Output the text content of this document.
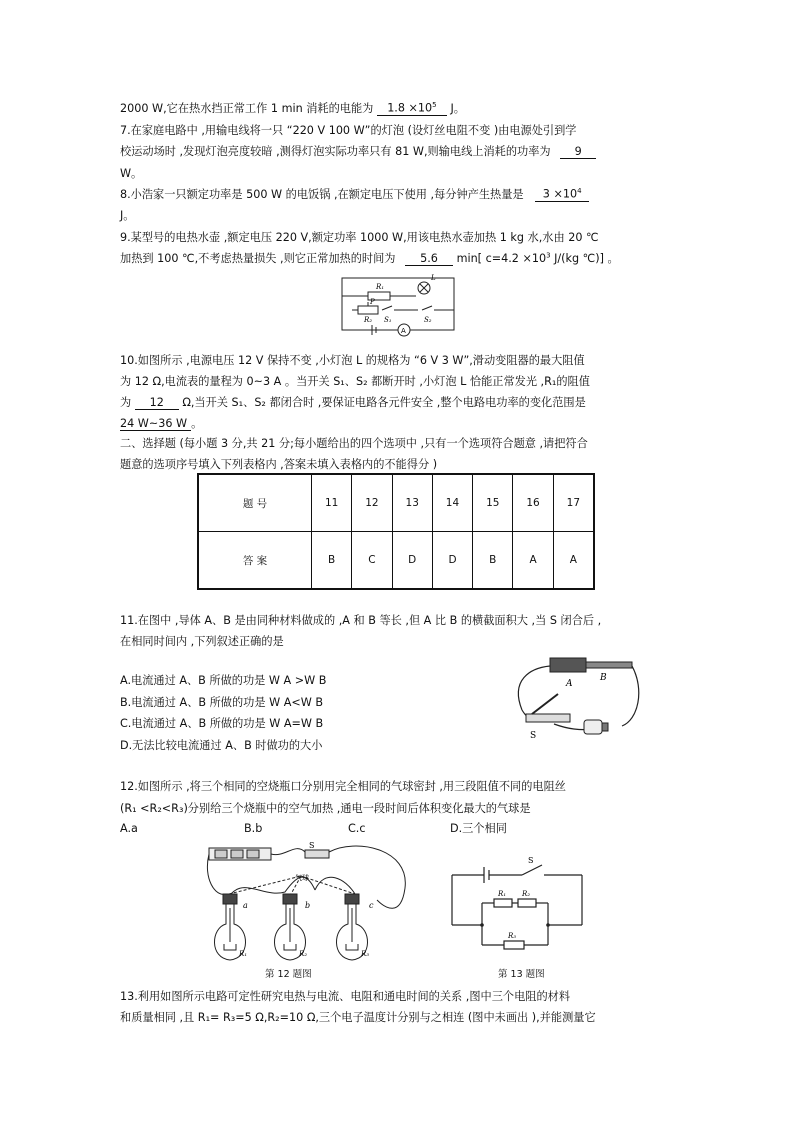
2000 W,它在热水挡正常工作 1 min 消耗的电能为 $1.8 \times 10^5$ J。
7.在家庭电路中 ,用输电线将一只 “220 V 100 W”的灯泡 (设灯丝电阻不变 )由电源处引到学
校运动场时 ,发现灯泡亮度较暗 ,测得灯泡实际功率只有 81 W,则输电线上消耗的功率为 9
W。
8.小浩家一只额定功率是 500 W 的电饭锅 ,在额定电压下使用 ,每分钟产生热量是 $3 \times 10^4$
J。
9.某型号的电热水壶 ,额定电压 220 V,额定功率 1000 W,用该电热水壶加热 1 kg 水,水由 20 ℃
加热到 100 ℃,不考虑热量损失 ,则它正常加热的时间为 5.6 min[ $c=4.2 \times 10^3$ J/(kg ℃)] 。
R₁
L
P
R₂ S₁	S₂
A
10.如图所示 ,电源电压 12 V 保持不变 ,小灯泡 L 的规格为 “6 V 3 W”,滑动变阻器的最大阻值
为 12 Ω,电流表的量程为 0~3 A 。当开关 S₁、S₂ 都断开时 ,小灯泡 L 恰能正常发光 ,R₁的阻值
为 12 Ω,当开关 S₁、S₂ 都闭合时 ,要保证电路各元件安全 ,整个电路电功率的变化范围是
24 W~36 W 。
二、选择题 (每小题 3 分,共 21 分;每小题给出的四个选项中 ,只有一个选项符合题意 ,请把符合
题意的选项序号填入下列表格内 ,答案未填入表格内的不能得分 )
题 号	11	12	13	14	15	16	17
答 案	B	C	D	D	B	A	A
11.在图中 ,导体 A、B 是由同种材料做成的 ,A 和 B 等长 ,但 A 比 B 的横截面积大 ,当 S 闭合后 ,
在相同时间内 ,下列叙述正确的是
A.电流通过 A、B 所做的功是 W A >W B
B.电流通过 A、B 所做的功是 W A<W B
C.电流通过 A、B 所做的功是 W A=W B
D.无法比较电流通过 A、B 时做功的大小
A
B
S
12.如图所示 ,将三个相同的空烧瓶口分别用完全相同的气球密封 ,用三段阻值不同的电阻丝
(R₁ <R₂<R₃)分别给三个烧瓶中的空气加热 ,通电一段时间后体积变化最大的气球是
A.a	B.b	C.c	D.三个相同
S
气球
a	b	c
R₁	R₂	R₃
第 12 题图
S
R₁ R₂
R₃
第 13 题图
13.利用如图所示电路可定性研究电热与电流、电阻和通电时间的关系 ,图中三个电阻的材料
和质量相同 ,且 R₁= R₃=5 Ω,R₂=10 Ω,三个电子温度计分别与之相连 (图中未画出 ),并能测量它
